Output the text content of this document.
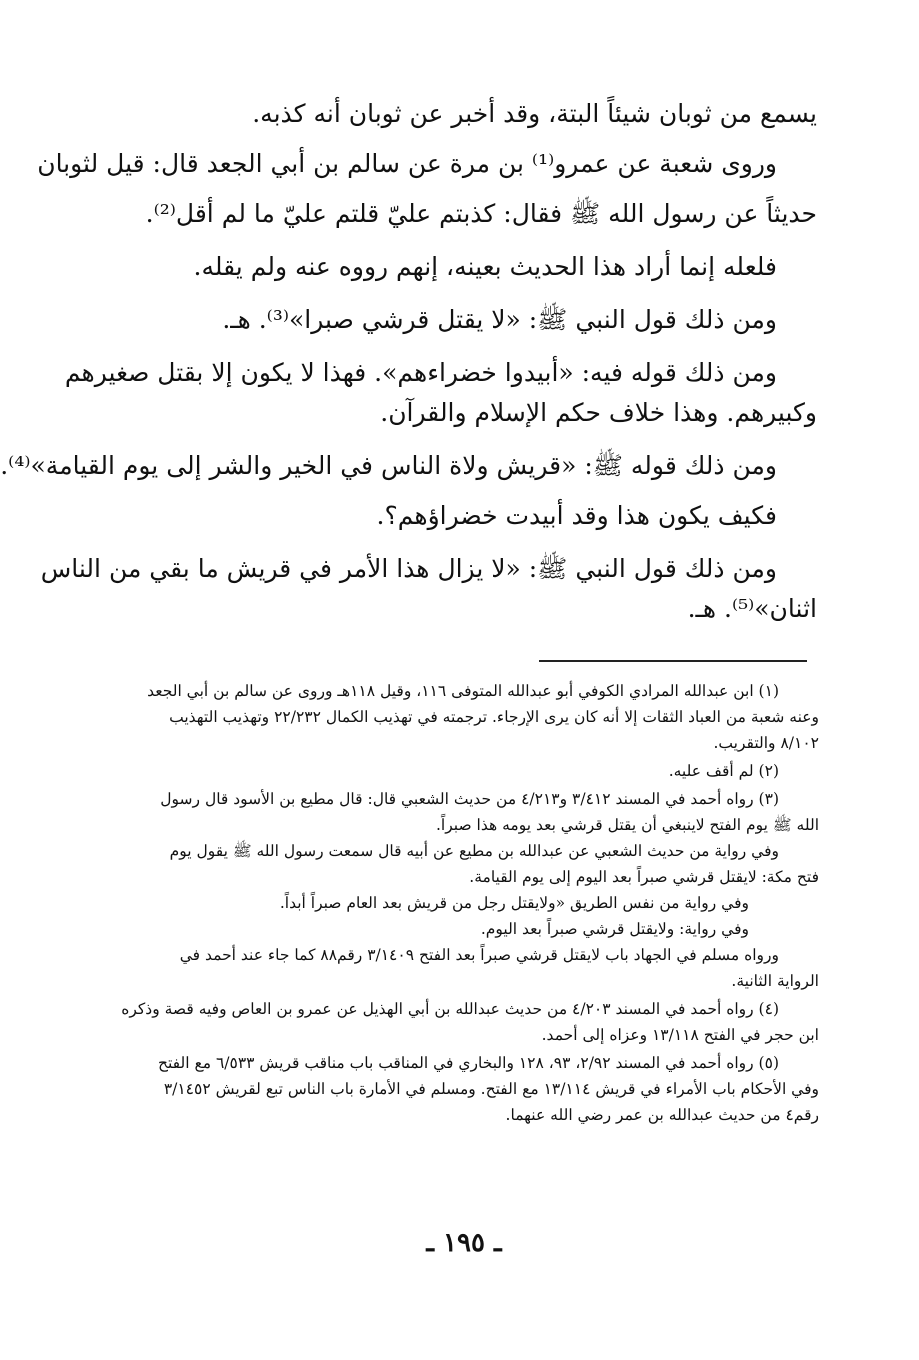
يسمع من ثوبان شيئاً البتة، وقد أخبر عن ثوبان أنه كذبه.
وروى شعبة عن عمرو⁽¹⁾ بن مرة عن سالم بن أبي الجعد قال: قيل لثوبان
حديثاً عن رسول الله ﷺ فقال: كذبتم عليّ قلتم عليّ ما لم أقل⁽²⁾.
فلعله إنما أراد هذا الحديث بعينه، إنهم رووه عنه ولم يقله.
ومن ذلك قول النبي ﷺ: «لا يقتل قرشي صبرا»⁽³⁾. هـ.
ومن ذلك قوله فيه: «أبيدوا خضراءهم». فهذا لا يكون إلا بقتل صغيرهم
وكبيرهم. وهذا خلاف حكم الإسلام والقرآن.
ومن ذلك قوله ﷺ: «قريش ولاة الناس في الخير والشر إلى يوم القيامة»⁽⁴⁾.
فكيف يكون هذا وقد أبيدت خضراؤهم؟.
ومن ذلك قول النبي ﷺ: «لا يزال هذا الأمر في قريش ما بقي من الناس
اثنان»⁽⁵⁾. هـ.
(١) ابن عبدالله المرادي الكوفي أبو عبدالله المتوفى ١١٦، وقيل ١١٨هـ وروى عن سالم بن أبي الجعد
وعنه شعبة من العباد الثقات إلا أنه كان يرى الإرجاء. ترجمته في تهذيب الكمال ٢٢/٢٣٢ وتهذيب التهذيب
٨/١٠٢ والتقريب.
(٢) لم أقف عليه.
(٣) رواه أحمد في المسند ٣/٤١٢ و٤/٢١٣ من حديث الشعبي قال: قال مطيع بن الأسود قال رسول
الله ﷺ يوم الفتح لاينبغي أن يقتل قرشي بعد يومه هذا صبراً.
وفي رواية من حديث الشعبي عن عبدالله بن مطيع عن أبيه قال سمعت رسول الله ﷺ يقول يوم
فتح مكة: لايقتل قرشي صبراً بعد اليوم إلى يوم القيامة.
وفي رواية من نفس الطريق «ولايقتل رجل من قريش بعد العام صبراً أبداً.
وفي رواية: ولايقتل قرشي صبراً بعد اليوم.
ورواه مسلم في الجهاد باب لايقتل قرشي صبراً بعد الفتح ٣/١٤٠٩ رقم٨٨ كما جاء عند أحمد في
الرواية الثانية.
(٤) رواه أحمد في المسند ٤/٢٠٣ من حديث عبدالله بن أبي الهذيل عن عمرو بن العاص وفيه قصة وذكره
ابن حجر في الفتح ١٣/١١٨ وعزاه إلى أحمد.
(٥) رواه أحمد في المسند ٢/٩٢، ٩٣، ١٢٨ والبخاري في المناقب باب مناقب قريش ٦/٥٣٣ مع الفتح
وفي الأحكام باب الأمراء في قريش ١٣/١١٤ مع الفتح. ومسلم في الأمارة باب الناس تبع لقريش ٣/١٤٥٢
رقم٤ من حديث عبدالله بن عمر رضي الله عنهما.
ـ ١٩٥ ـ
